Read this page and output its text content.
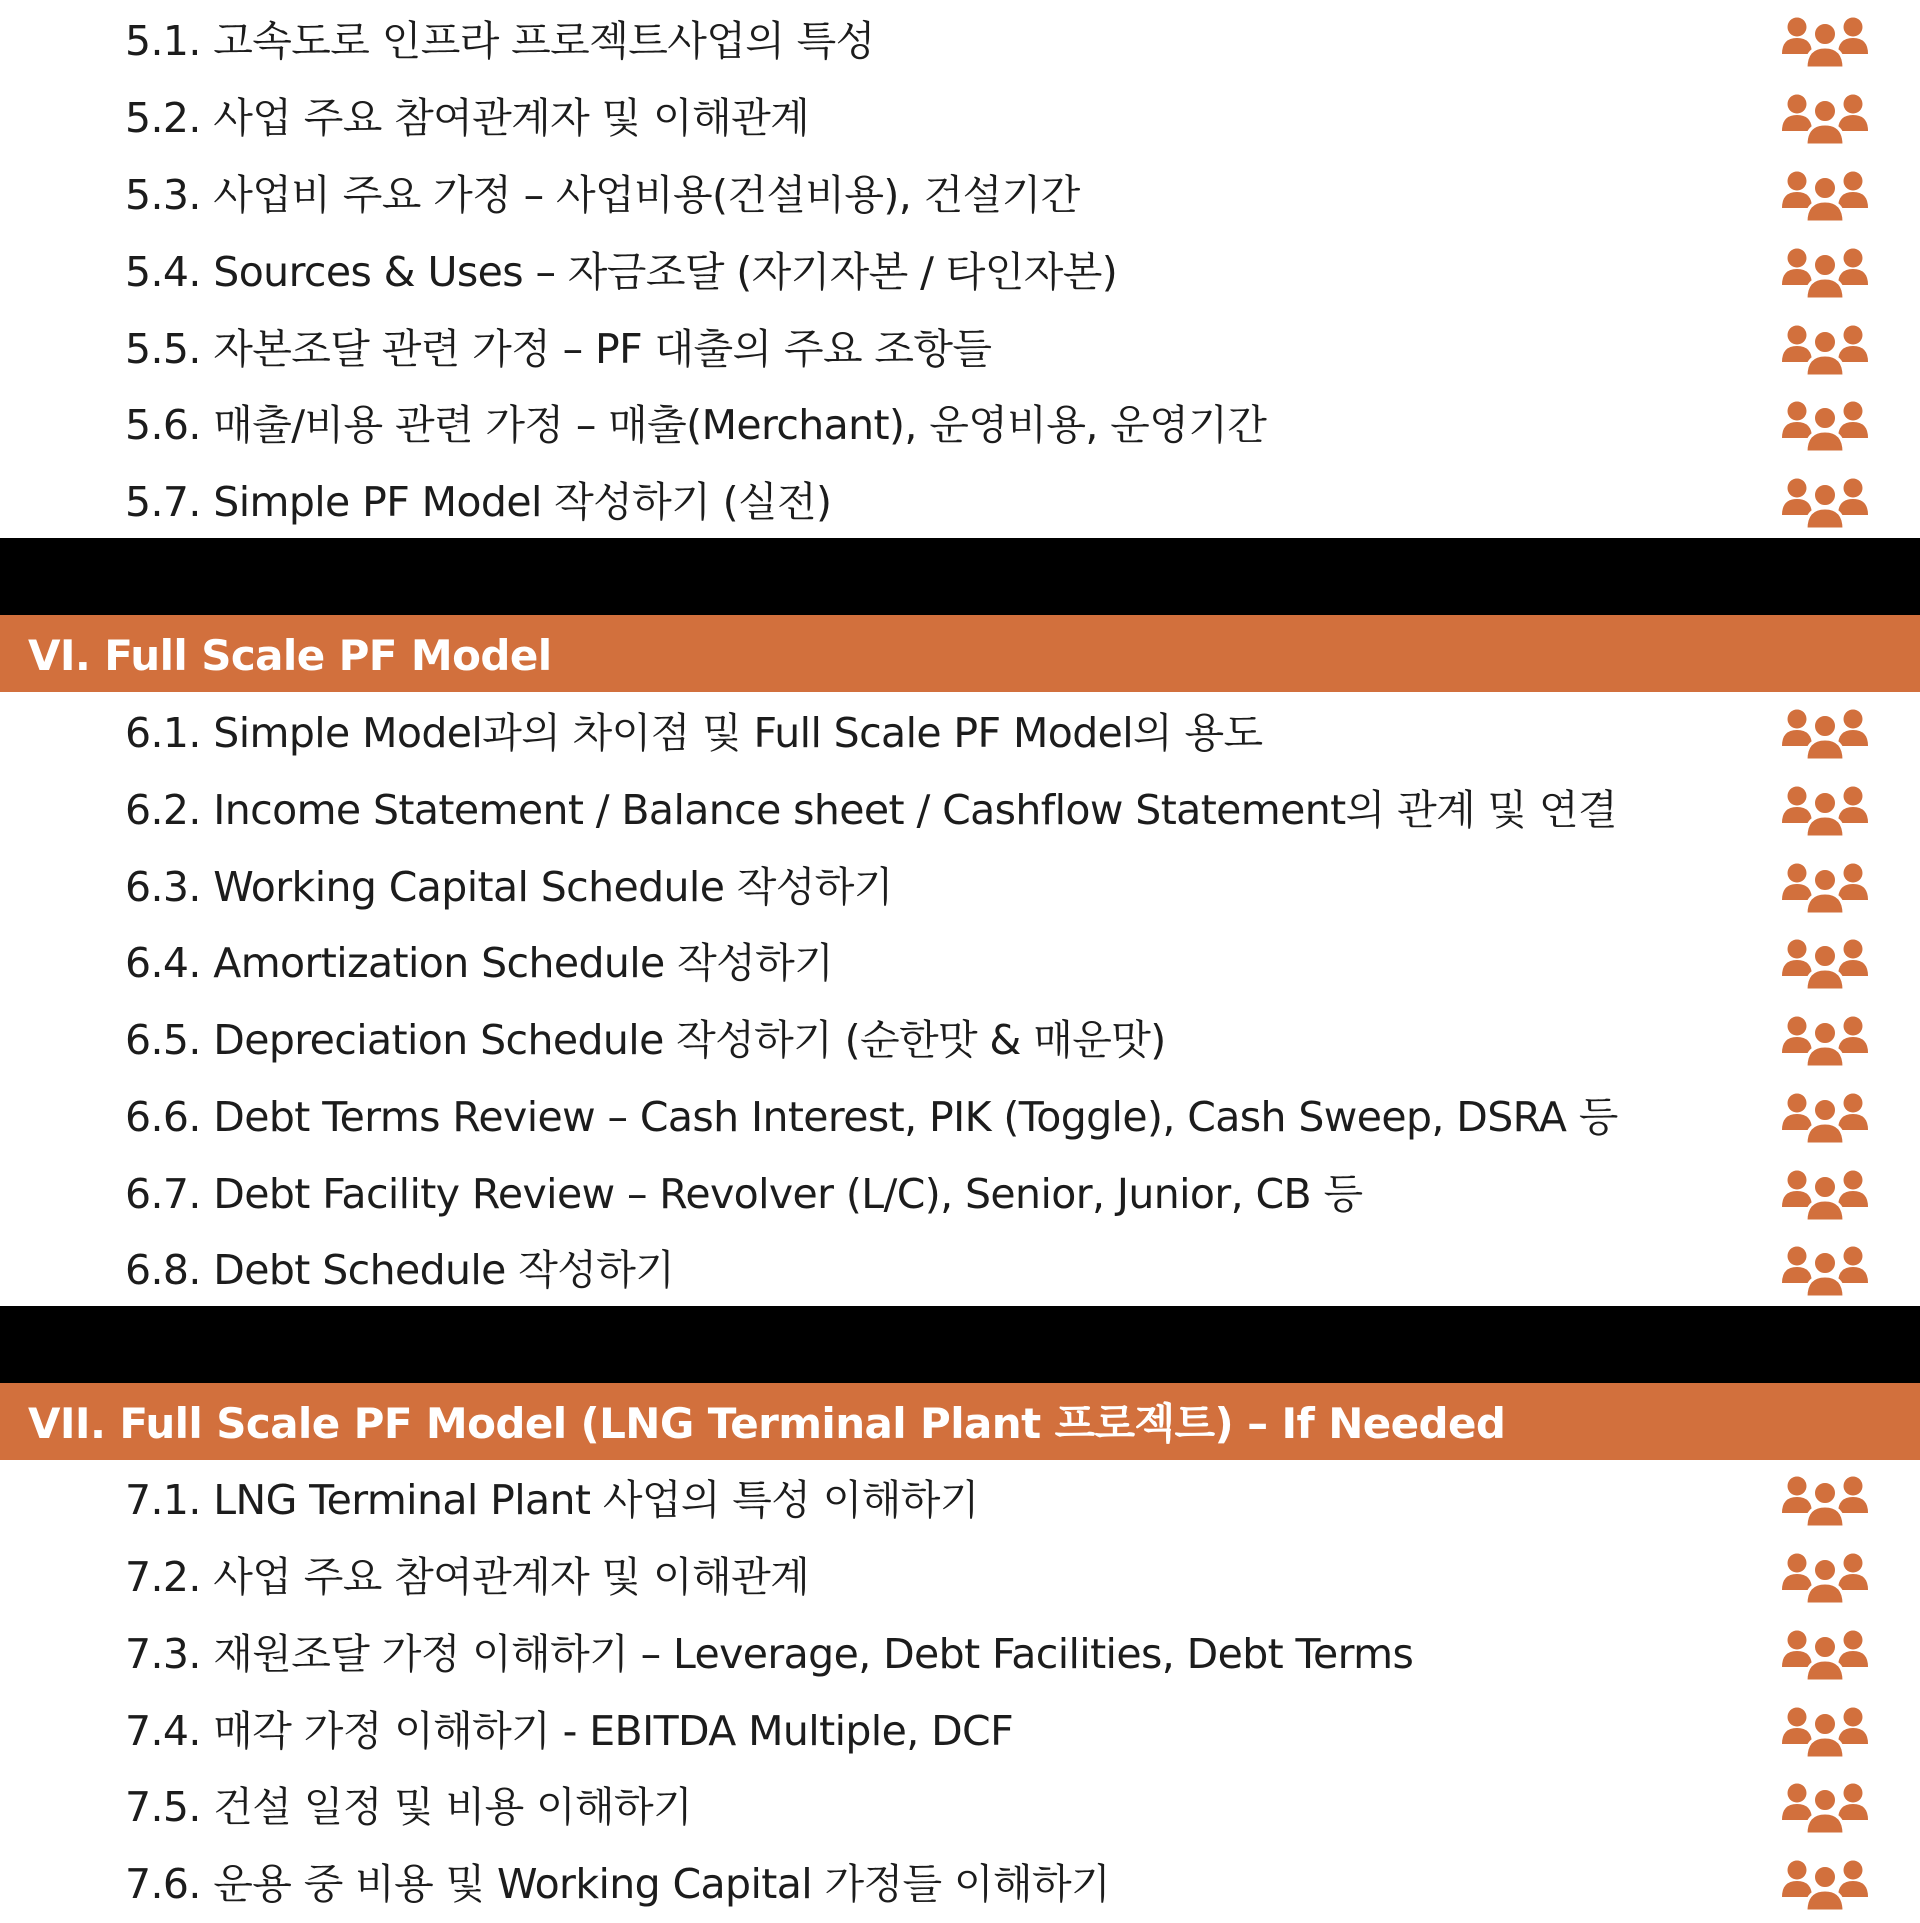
5.1. 고속도로 인프라 프로젝트사업의 특성
5.2. 사업 주요 참여관계자 및 이해관계
5.3. 사업비 주요 가정 – 사업비용(건설비용), 건설기간
5.4. Sources & Uses – 자금조달 (자기자본 / 타인자본)
5.5. 자본조달 관련 가정 – PF 대출의 주요 조항들
5.6. 매출/비용 관련 가정 – 매출(Merchant), 운영비용, 운영기간
5.7. Simple PF Model 작성하기 (실전)
VI. Full Scale PF Model
6.1. Simple Model과의 차이점 및 Full Scale PF Model의 용도
6.2. Income Statement / Balance sheet / Cashflow Statement의 관계 및 연결
6.3. Working Capital Schedule 작성하기
6.4. Amortization Schedule 작성하기
6.5. Depreciation Schedule 작성하기 (순한맛 & 매운맛)
6.6. Debt Terms Review – Cash Interest, PIK (Toggle), Cash Sweep, DSRA 등
6.7. Debt Facility Review – Revolver (L/C), Senior, Junior, CB 등
6.8. Debt Schedule 작성하기
VII. Full Scale PF Model (LNG Terminal Plant 프로젝트) – If Needed
7.1. LNG Terminal Plant 사업의 특성 이해하기
7.2. 사업 주요 참여관계자 및 이해관계
7.3. 재원조달 가정 이해하기 – Leverage, Debt Facilities, Debt Terms
7.4. 매각 가정 이해하기 - EBITDA Multiple, DCF
7.5. 건설 일정 및 비용 이해하기
7.6. 운용 중 비용 및 Working Capital 가정들 이해하기
